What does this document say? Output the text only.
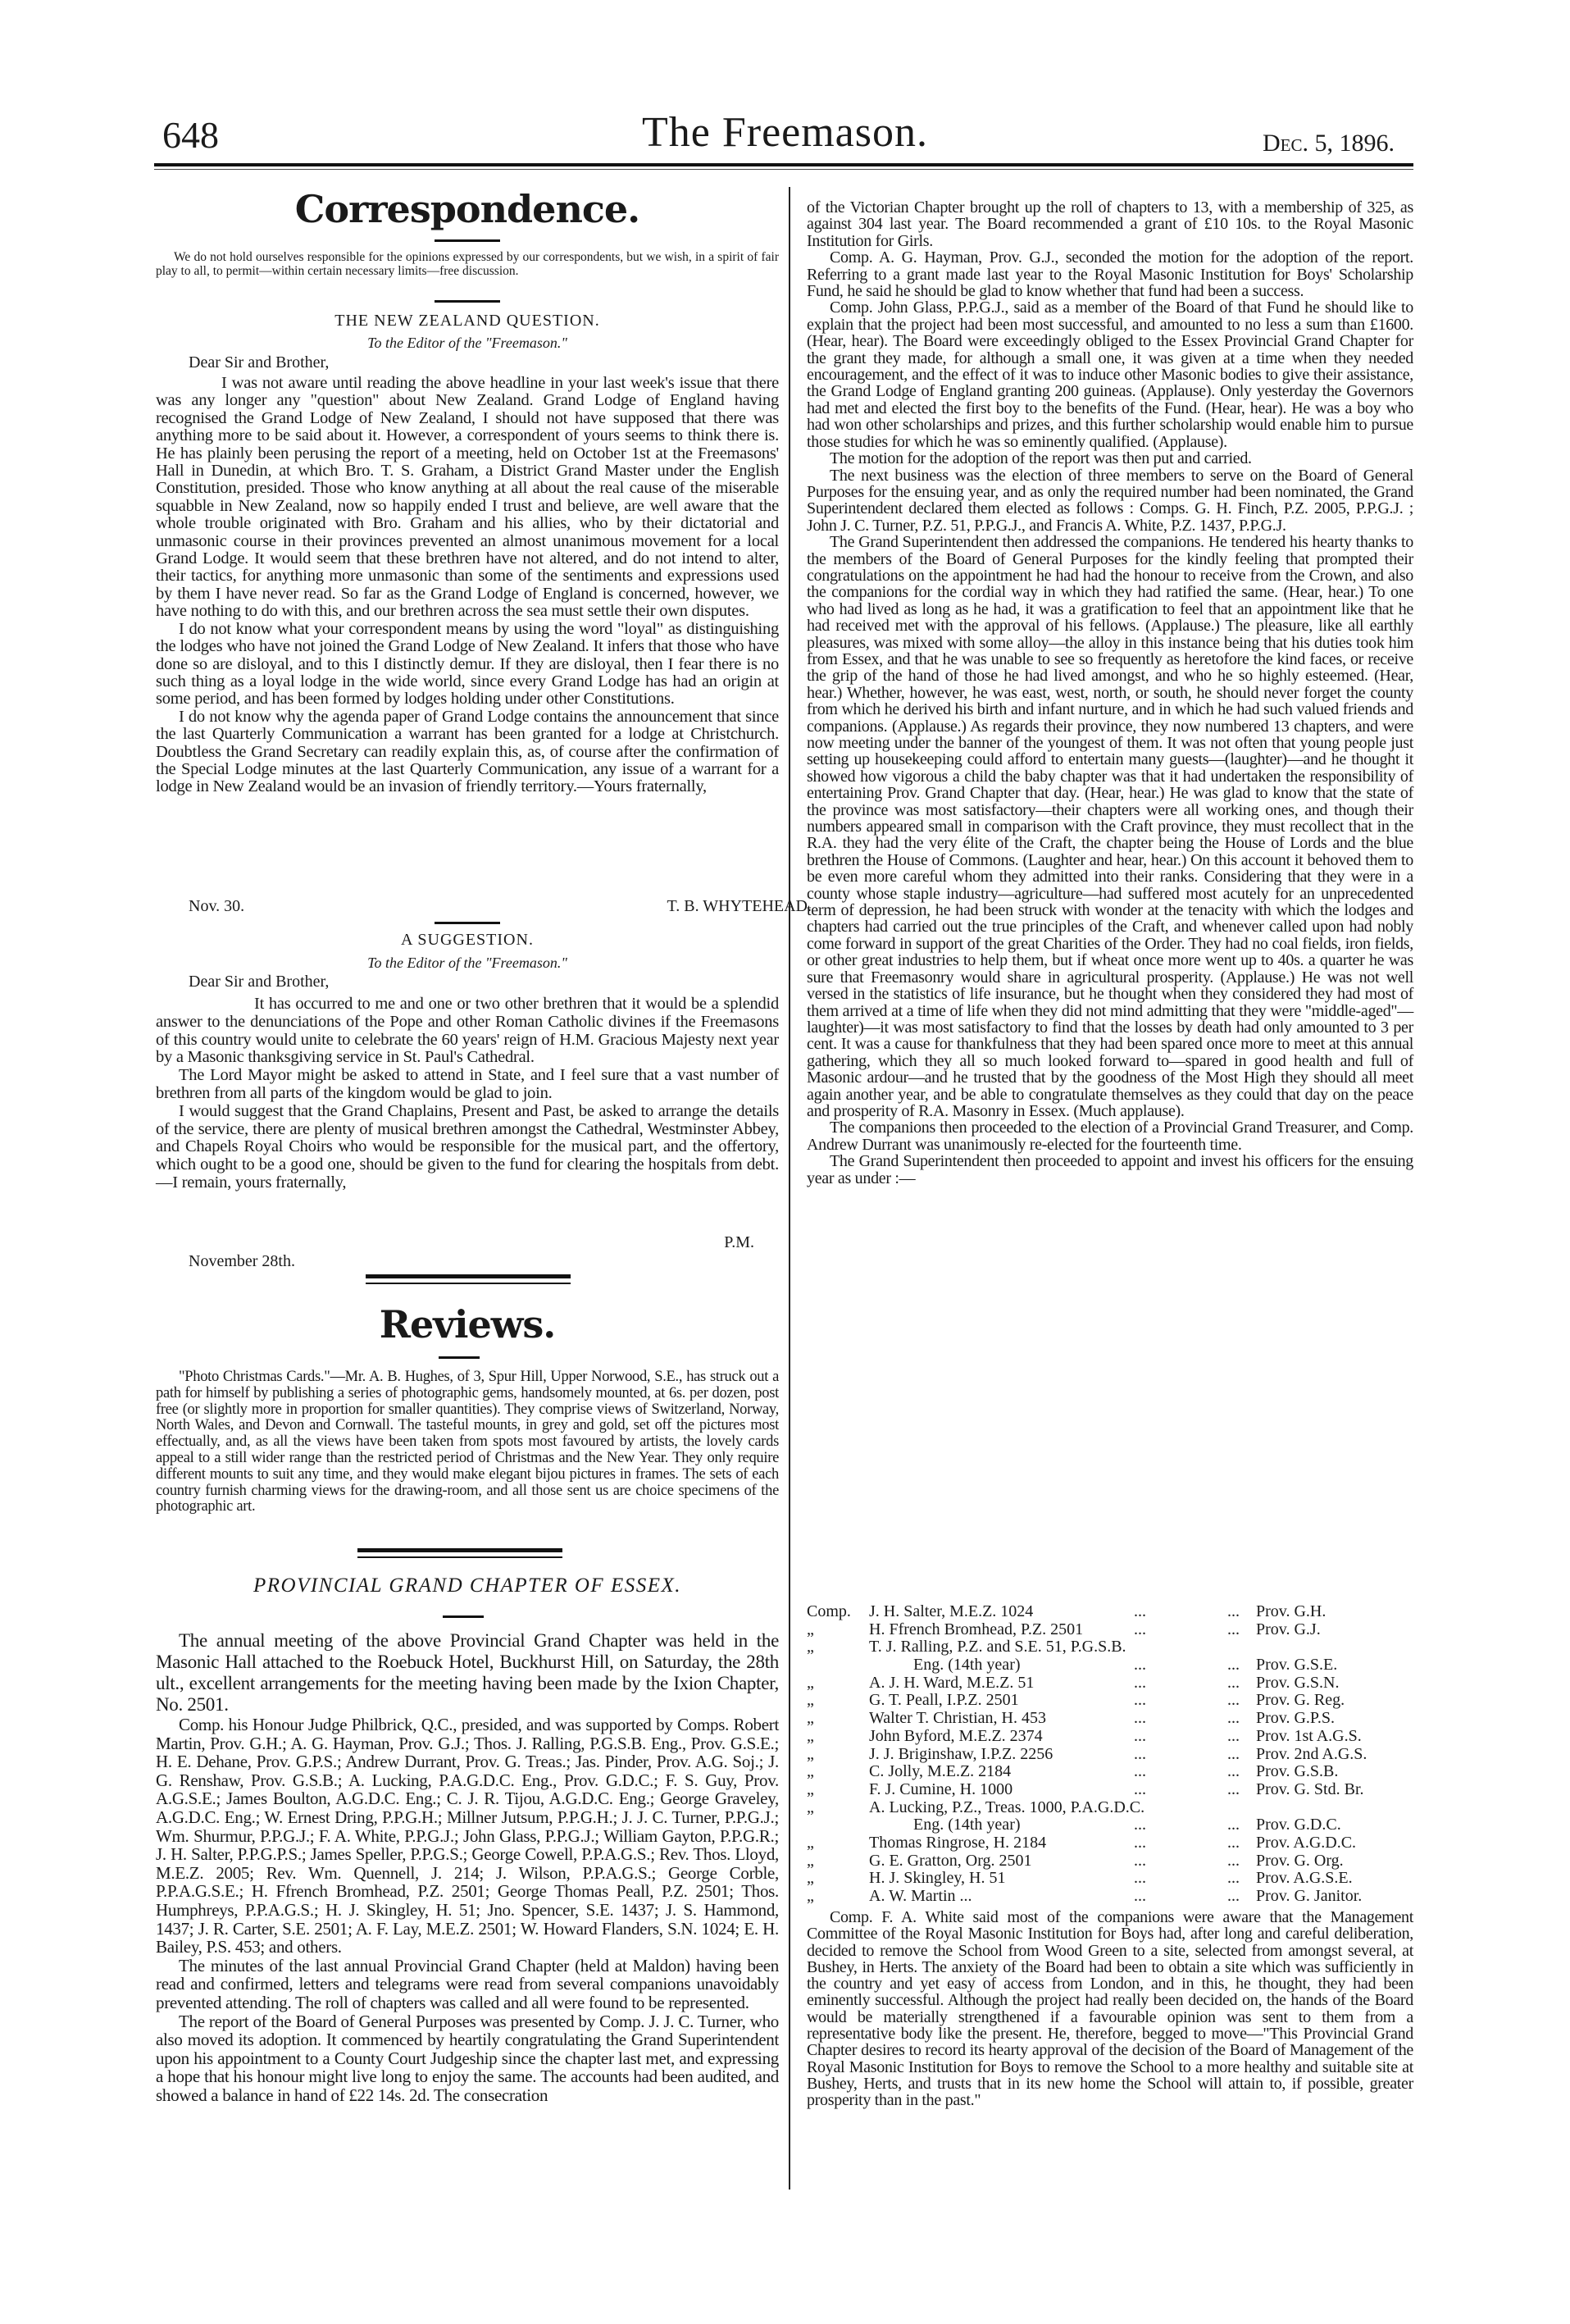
648	The Freemason.	Dec. 5, 1896.
Correspondence.
We do not hold ourselves responsible for the opinions expressed by our correspondents, but we wish, in a spirit of fair play to all, to permit—within certain necessary limits—free discussion.
THE NEW ZEALAND QUESTION.
To the Editor of the "Freemason."
Dear Sir and Brother,

I was not aware until reading the above headline in your last week's issue that there was any longer any "question" about New Zealand. Grand Lodge of England having recognised the Grand Lodge of New Zealand, I should not have supposed that there was anything more to be said about it. However, a correspondent of yours seems to think there is. He has plainly been perusing the report of a meeting, held on October 1st at the Freemasons' Hall in Dunedin, at which Bro. T. S. Graham, a District Grand Master under the English Constitution, presided. Those who know anything at all about the real cause of the miserable squabble in New Zealand, now so happily ended I trust and believe, are well aware that the whole trouble originated with Bro. Graham and his allies, who by their dictatorial and unmasonic course in their provinces prevented an almost unanimous movement for a local Grand Lodge. It would seem that these brethren have not altered, and do not intend to alter, their tactics, for anything more unmasonic than some of the sentiments and expressions used by them I have never read. So far as the Grand Lodge of England is concerned, however, we have nothing to do with this, and our brethren across the sea must settle their own disputes.

I do not know what your correspondent means by using the word "loyal" as distinguishing the lodges who have not joined the Grand Lodge of New Zealand. It infers that those who have done so are disloyal, and to this I distinctly demur. If they are disloyal, then I fear there is no such thing as a loyal lodge in the wide world, since every Grand Lodge has had an origin at some period, and has been formed by lodges holding under other Constitutions.

I do not know why the agenda paper of Grand Lodge contains the announcement that since the last Quarterly Communication a warrant has been granted for a lodge at Christchurch. Doubtless the Grand Secretary can readily explain this, as, of course after the confirmation of the Special Lodge minutes at the last Quarterly Communication, any issue of a warrant for a lodge in New Zealand would be an invasion of friendly territory.—Yours fraternally,

Nov. 30.	T. B. WHYTEHEAD.
A SUGGESTION.
To the Editor of the "Freemason."
Dear Sir and Brother,

It has occurred to me and one or two other brethren that it would be a splendid answer to the denunciations of the Pope and other Roman Catholic divines if the Freemasons of this country would unite to celebrate the 60 years' reign of H.M. Gracious Majesty next year by a Masonic thanksgiving service in St. Paul's Cathedral.

The Lord Mayor might be asked to attend in State, and I feel sure that a vast number of brethren from all parts of the kingdom would be glad to join.

I would suggest that the Grand Chaplains, Present and Past, be asked to arrange the details of the service, there are plenty of musical brethren amongst the Cathedral, Westminster Abbey, and Chapels Royal Choirs who would be responsible for the musical part, and the offertory, which ought to be a good one, should be given to the fund for clearing the hospitals from debt.—I remain, yours fraternally,

P.M.
November 28th.
Reviews.

"Photo Christmas Cards."—Mr. A. B. Hughes, of 3, Spur Hill, Upper Norwood, S.E., has struck out a path for himself by publishing a series of photographic gems, handsomely mounted, at 6s. per dozen, post free (or slightly more in proportion for smaller quantities). They comprise views of Switzerland, Norway, North Wales, and Devon and Cornwall. The tasteful mounts, in grey and gold, set off the pictures most effectually, and, as all the views have been taken from spots most favoured by artists, the lovely cards appeal to a still wider range than the restricted period of Christmas and the New Year. They only require different mounts to suit any time, and they would make elegant bijou pictures in frames. The sets of each country furnish charming views for the drawing-room, and all those sent us are choice specimens of the photographic art.

PROVINCIAL GRAND CHAPTER OF ESSEX.

The annual meeting of the above Provincial Grand Chapter was held in the Masonic Hall attached to the Roebuck Hotel, Buckhurst Hill, on Saturday, the 28th ult., excellent arrangements for the meeting having been made by the Ixion Chapter, No. 2501.

Comp. his Honour Judge Philbrick, Q.C., presided, and was supported by Comps. Robert Martin, Prov. G.H.; A. G. Hayman, Prov. G.J.; Thos. J. Ralling, P.G.S.B. Eng., Prov. G.S.E.; H. E. Dehane, Prov. G.P.S.; Andrew Durrant, Prov. G. Treas.; Jas. Pinder, Prov. A.G. Soj.; J. G. Renshaw, Prov. G.S.B.; A. Lucking, P.A.G.D.C. Eng., Prov. G.D.C.; F. S. Guy, Prov. A.G.S.E.; James Boulton, A.G.D.C. Eng.; C. J. R. Tijou, A.G.D.C. Eng.; George Graveley, A.G.D.C. Eng.; W. Ernest Dring, P.P.G.H.; Millner Jutsum, P.P.G.H.; J. J. C. Turner, P.P.G.J.; Wm. Shurmur, P.P.G.J.; F. A. White, P.P.G.J.; John Glass, P.P.G.J.; William Gayton, P.P.G.R.; J. H. Salter, P.P.G.P.S.; James Speller, P.P.G.S.; George Cowell, P.P.A.G.S.; Rev. Thos. Lloyd, M.E.Z. 2005; Rev. Wm. Quennell, J. 214; J. Wilson, P.P.A.G.S.; George Corble, P.P.A.G.S.E.; H. Ffrench Bromhead, P.Z. 2501; George Thomas Peall, P.Z. 2501; Thos. Humphreys, P.P.A.G.S.; H. J. Skingley, H. 51; Jno. Spencer, S.E. 1437; J. S. Hammond, 1437; J. R. Carter, S.E. 2501; A. F. Lay, M.E.Z. 2501; W. Howard Flanders, S.N. 1024; E. H. Bailey, P.S. 453; and others.

The minutes of the last annual Provincial Grand Chapter (held at Maldon) having been read and confirmed, letters and telegrams were read from several companions unavoidably prevented attending. The roll of chapters was called and all were found to be represented.

The report of the Board of General Purposes was presented by Comp. J. J. C. Turner, who also moved its adoption. It commenced by heartily congratulating the Grand Superintendent upon his appointment to a County Court Judgeship since the chapter last met, and expressing a hope that his honour might live long to enjoy the same. The accounts had been audited, and showed a balance in hand of £22 14s. 2d. The consecration

of the Victorian Chapter brought up the roll of chapters to 13, with a membership of 325, as against 304 last year. The Board recommended a grant of £10 10s. to the Royal Masonic Institution for Girls.

Comp. A. G. Hayman, Prov. G.J., seconded the motion for the adoption of the report. Referring to a grant made last year to the Royal Masonic Institution for Boys' Scholarship Fund, he said he should be glad to know whether that fund had been a success.

Comp. John Glass, P.P.G.J., said as a member of the Board of that Fund he should like to explain that the project had been most successful, and amounted to no less a sum than £1600. (Hear, hear). The Board were exceedingly obliged to the Essex Provincial Grand Chapter for the grant they made, for although a small one, it was given at a time when they needed encouragement, and the effect of it was to induce other Masonic bodies to give their assistance, the Grand Lodge of England granting 200 guineas. (Applause). Only yesterday the Governors had met and elected the first boy to the benefits of the Fund. (Hear, hear). He was a boy who had won other scholarships and prizes, and this further scholarship would enable him to pursue those studies for which he was so eminently qualified. (Applause).

The motion for the adoption of the report was then put and carried.

The next business was the election of three members to serve on the Board of General Purposes for the ensuing year, and as only the required number had been nominated, the Grand Superintendent declared them elected as follows : Comps. G. H. Finch, P.Z. 2005, P.P.G.J. ; John J. C. Turner, P.Z. 51, P.P.G.J., and Francis A. White, P.Z. 1437, P.P.G.J.

The Grand Superintendent then addressed the companions. He tendered his hearty thanks to the members of the Board of General Purposes for the kindly feeling that prompted their congratulations on the appointment he had had the honour to receive from the Crown, and also the companions for the cordial way in which they had ratified the same. (Hear, hear.) To one who had lived as long as he had, it was a gratification to feel that an appointment like that he had received met with the approval of his fellows. (Applause.) The pleasure, like all earthly pleasures, was mixed with some alloy—the alloy in this instance being that his duties took him from Essex, and that he was unable to see so frequently as heretofore the kind faces, or receive the grip of the hand of those he had lived amongst, and who he so highly esteemed. (Hear, hear.) Whether, however, he was east, west, north, or south, he should never forget the county from which he derived his birth and infant nurture, and in which he had such valued friends and companions. (Applause.) As regards their province, they now numbered 13 chapters, and were now meeting under the banner of the youngest of them. It was not often that young people just setting up housekeeping could afford to entertain many guests—(laughter)—and he thought it showed how vigorous a child the baby chapter was that it had undertaken the responsibility of entertaining Prov. Grand Chapter that day. (Hear, hear.) He was glad to know that the state of the province was most satisfactory—their chapters were all working ones, and though their numbers appeared small in comparison with the Craft province, they must recollect that in the R.A. they had the very élite of the Craft, the chapter being the House of Lords and the blue brethren the House of Commons. (Laughter and hear, hear.) On this account it behoved them to be even more careful whom they admitted into their ranks. Considering that they were in a county whose staple industry—agriculture—had suffered most acutely for an unprecedented term of depression, he had been struck with wonder at the tenacity with which the lodges and chapters had carried out the true principles of the Craft, and whenever called upon had nobly come forward in support of the great Charities of the Order. They had no coal fields, iron fields, or other great industries to help them, but if wheat once more went up to 40s. a quarter he was sure that Freemasonry would share in agricultural prosperity. (Applause.) He was not well versed in the statistics of life insurance, but he thought when they considered they had most of them arrived at a time of life when they did not mind admitting that they were "middle-aged"—laughter)—it was most satisfactory to find that the losses by death had only amounted to 3 per cent. It was a cause for thankfulness that they had been spared once more to meet at this annual gathering, which they all so much looked forward to—spared in good health and full of Masonic ardour—and he trusted that by the goodness of the Most High they should all meet again another year, and be able to congratulate themselves as they could that day on the peace and prosperity of R.A. Masonry in Essex. (Much applause).

The companions then proceeded to the election of a Provincial Grand Treasurer, and Comp. Andrew Durrant was unanimously re-elected for the fourteenth time.

The Grand Superintendent then proceeded to appoint and invest his officers for the ensuing year as under :—

Comp. J. H. Salter, M.E.Z. 1024	...	... Prov. G.H.
„	H. Ffrench Bromhead, P.Z. 2501	...	... Prov. G.J.
„	T. J. Ralling, P.Z. and S.E. 51, P.G.S.B.
Eng. (14th year)	...	... Prov. G.S.E.
„	A. J. H. Ward, M.E.Z. 51	...	... Prov. G.S.N.
„	G. T. Peall, I.P.Z. 2501	...	... Prov. G. Reg.
„	Walter T. Christian, H. 453	...	... Prov. G.P.S.
„	John Byford, M.E.Z. 2374	...	... Prov. 1st A.G.S.
„	J. J. Briginshaw, I.P.Z. 2256	...	... Prov. 2nd A.G.S.
„	C. Jolly, M.E.Z. 2184	...	... Prov. G.S.B.
„	F. J. Cumine, H. 1000	...	... Prov. G. Std. Br.
„	A. Lucking, P.Z., Treas. 1000, P.A.G.D.C.
Eng. (14th year)	...	... Prov. G.D.C.
„	Thomas Ringrose, H. 2184	...	... Prov. A.G.D.C.
„	G. E. Gratton, Org. 2501	...	... Prov. G. Org.
„	H. J. Skingley, H. 51	...	... Prov. A.G.S.E.
„	A. W. Martin ...	...	... Prov. G. Janitor.

Comp. F. A. White said most of the companions were aware that the Management Committee of the Royal Masonic Institution for Boys had, after long and careful deliberation, decided to remove the School from Wood Green to a site, selected from amongst several, at Bushey, in Herts. The anxiety of the Board had been to obtain a site which was sufficiently in the country and yet easy of access from London, and in this, he thought, they had been eminently successful. Although the project had really been decided on, the hands of the Board would be materially strengthened if a favourable opinion was sent to them from a representative body like the present. He, therefore, begged to move—"This Provincial Grand Chapter desires to record its hearty approval of the decision of the Board of Management of the Royal Masonic Institution for Boys to remove the School to a more healthy and suitable site at Bushey, Herts, and trusts that in its new home the School will attain to, if possible, greater prosperity than in the past."
